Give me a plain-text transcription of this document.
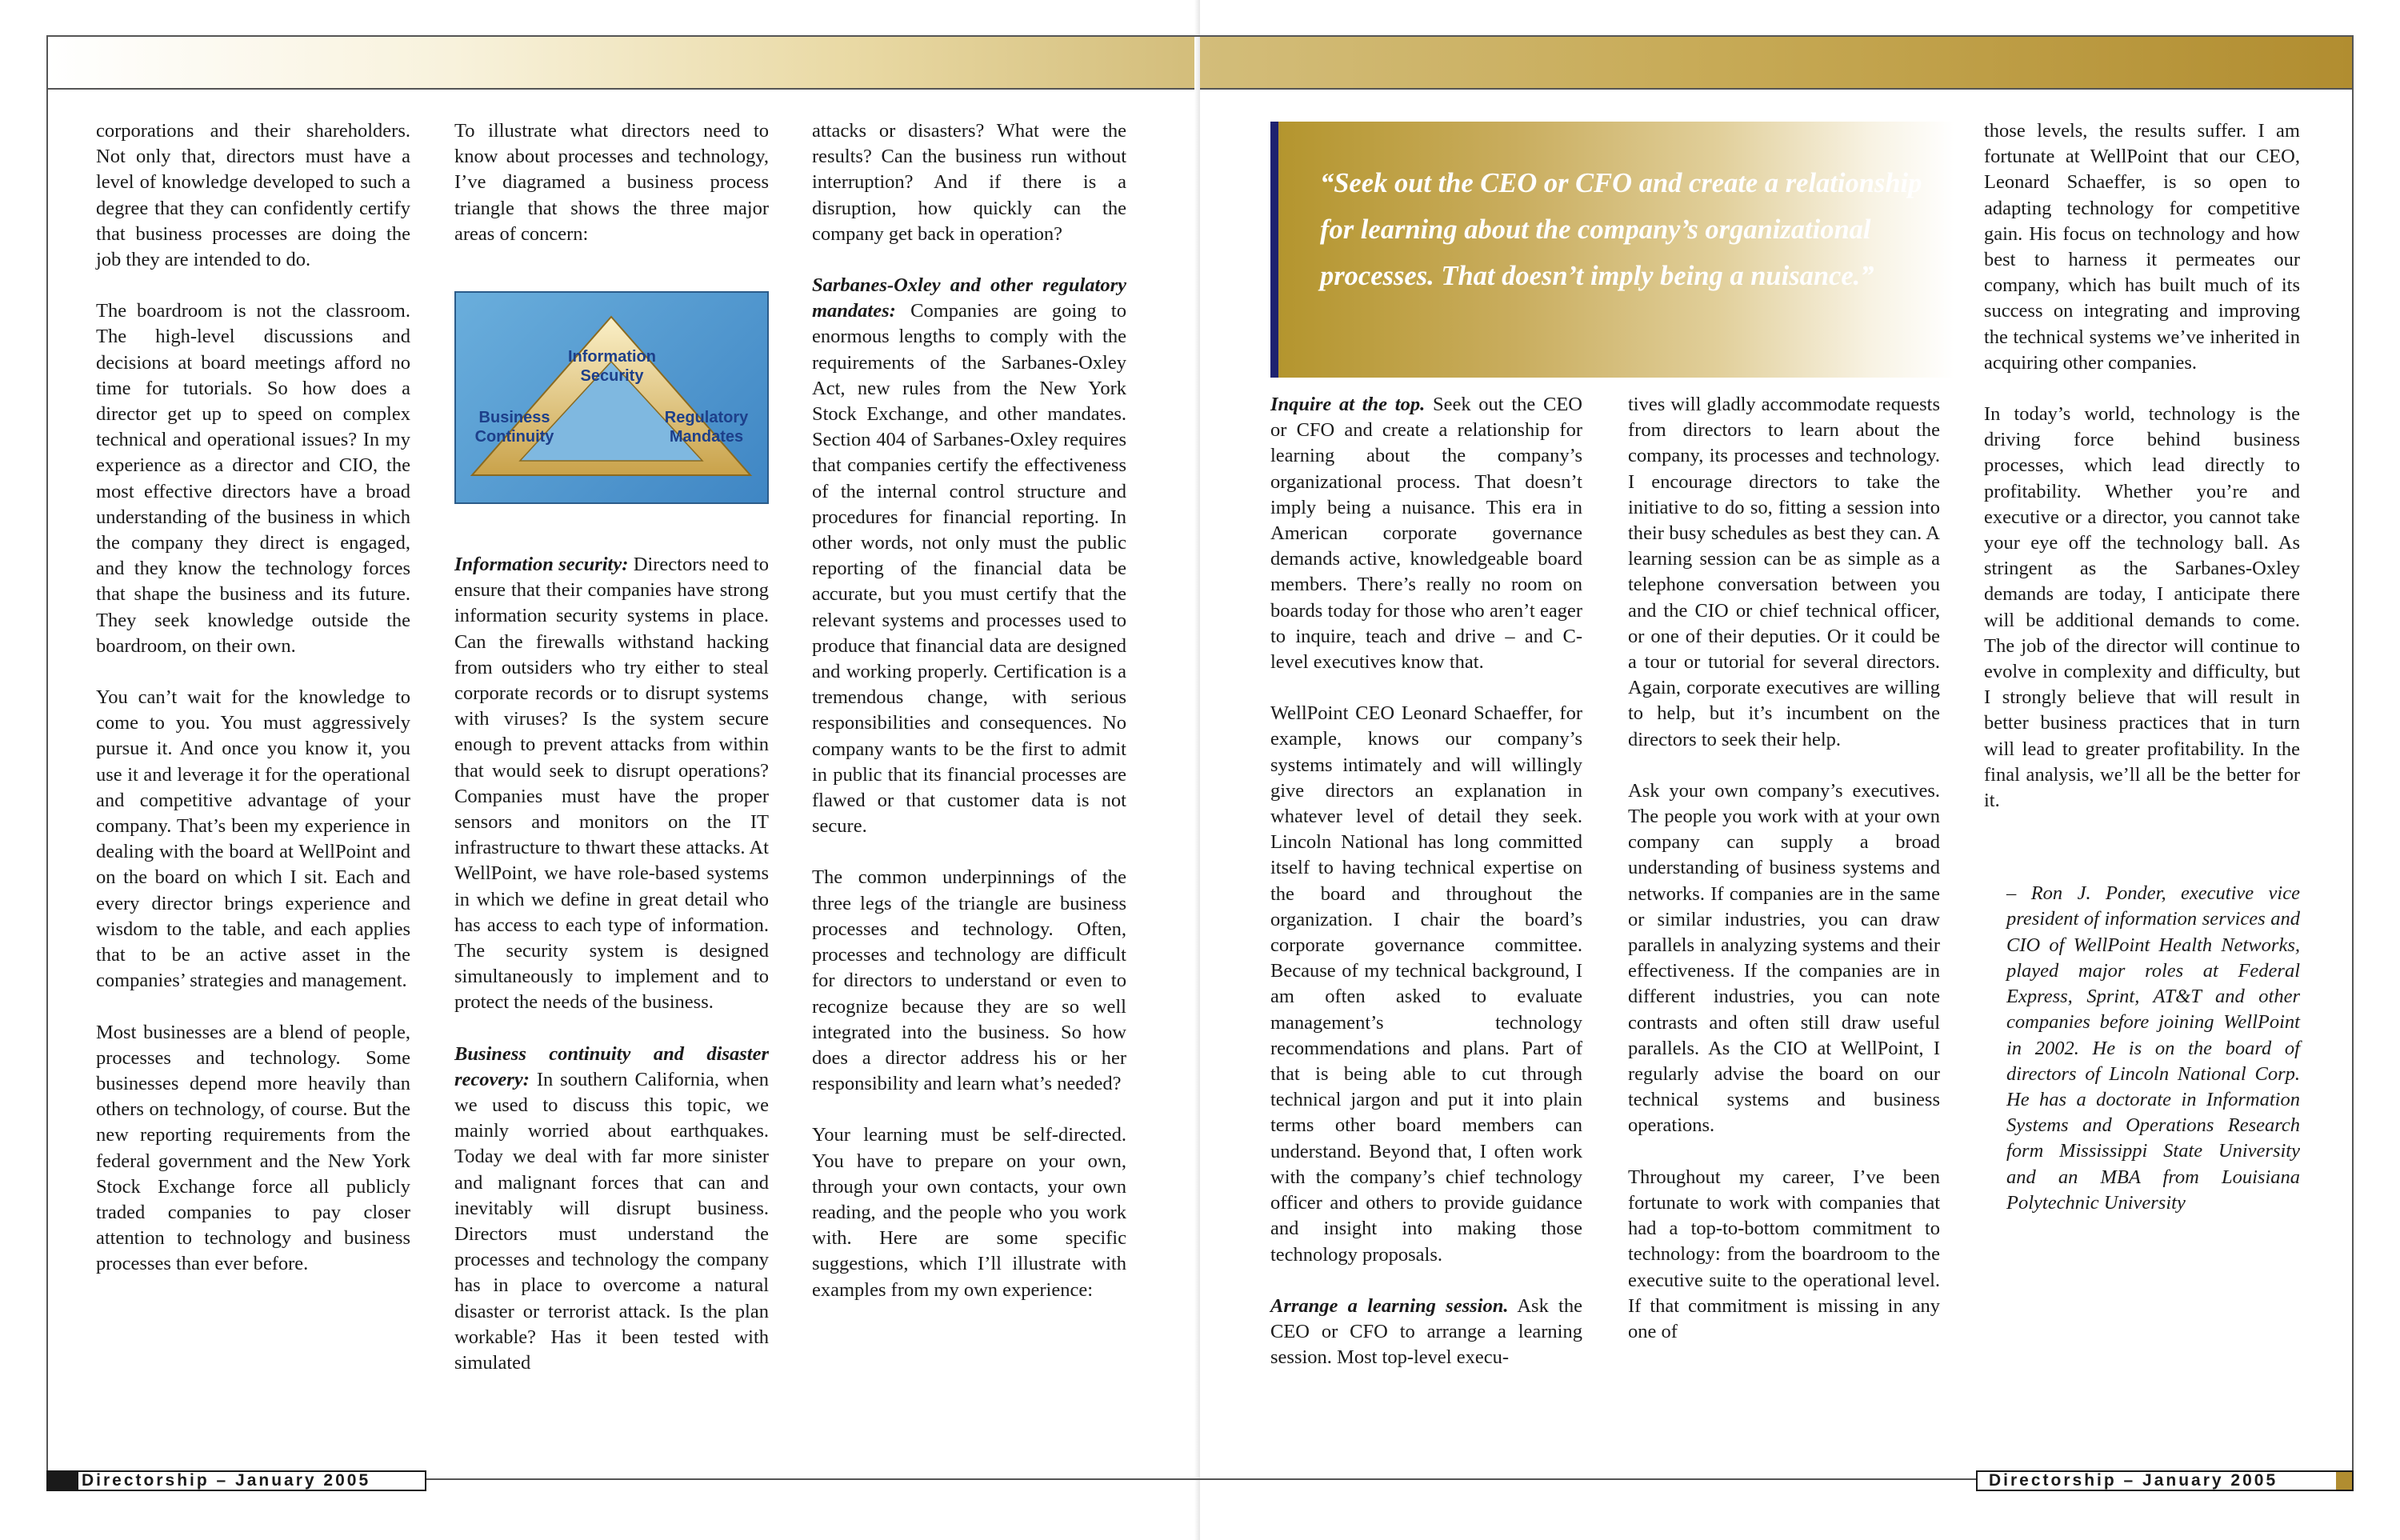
corporations and their shareholders. Not only that, directors must have a level of knowledge developed to such a degree that they can confidently certify that business processes are doing the job they are intended to do.

The boardroom is not the classroom. The high-level discussions and decisions at board meetings afford no time for tutorials. So how does a director get up to speed on complex technical and operational issues? In my experience as a director and CIO, the most effective directors have a broad understanding of the business in which the company they direct is engaged, and they know the technology forces that shape the business and its future. They seek knowledge outside the boardroom, on their own.

You can’t wait for the knowledge to come to you. You must aggressively pursue it. And once you know it, you use it and leverage it for the operational and competitive advantage of your company. That’s been my experience in dealing with the board at WellPoint and on the board on which I sit. Each and every director brings experience and wisdom to the table, and each applies that to be an active asset in the companies’ strategies and management.

Most businesses are a blend of people, processes and technology. Some businesses depend more heavily than others on technology, of course. But the new reporting requirements from the federal government and the New York Stock Exchange force all publicly traded companies to pay closer attention to technology and business processes than ever before.

To illustrate what directors need to know about processes and technology, I’ve diagramed a business process triangle that shows the three major areas of concern:

Information Security
Business Continuity
Regulatory Mandates

Information security: Directors need to ensure that their companies have strong information security systems in place. Can the firewalls withstand hacking from outsiders who try either to steal corporate records or to disrupt systems with viruses? Is the system secure enough to prevent attacks from within that would seek to disrupt operations? Companies must have the proper sensors and monitors on the IT infrastructure to thwart these attacks. At WellPoint, we have role-based systems in which we define in great detail who has access to each type of information. The security system is designed simultaneously to implement and to protect the needs of the business.

Business continuity and disaster recovery: In southern California, when we used to discuss this topic, we mainly worried about earthquakes. Today we deal with far more sinister and malignant forces that can and inevitably will disrupt business. Directors must understand the processes and technology the company has in place to overcome a natural disaster or terrorist attack. Is the plan workable? Has it been tested with simulated

attacks or disasters? What were the results? Can the business run without interruption? And if there is a disruption, how quickly can the company get back in operation?

Sarbanes-Oxley and other regulatory mandates: Companies are going to enormous lengths to comply with the requirements of the Sarbanes-Oxley Act, new rules from the New York Stock Exchange, and other mandates. Section 404 of Sarbanes-Oxley requires that companies certify the effectiveness of the internal control structure and procedures for financial reporting. In other words, not only must the public reporting of the financial data be accurate, but you must certify that the relevant systems and processes used to produce that financial data are designed and working properly. Certification is a tremendous change, with serious responsibilities and consequences. No company wants to be the first to admit in public that its financial processes are flawed or that customer data is not secure.

The common underpinnings of the three legs of the triangle are business processes and technology. Often, processes and technology are difficult for directors to understand or even to recognize because they are so well integrated into the business. So how does a director address his or her responsibility and learn what’s needed?

Your learning must be self-directed. You have to prepare on your own, through your own contacts, your own reading, and the people who you work with. Here are some specific suggestions, which I’ll illustrate with examples from my own experience:

Directorship – January 2005

“Seek out the CEO or CFO and create a relationship for learning about the company’s organizational processes. That doesn’t imply being a nuisance.”

Inquire at the top. Seek out the CEO or CFO and create a relationship for learning about the company’s organizational process. That doesn’t imply being a nuisance. This era in American corporate governance demands active, knowledgeable board members. There’s really no room on boards today for those who aren’t eager to inquire, teach and drive – and C-level executives know that.

WellPoint CEO Leonard Schaeffer, for example, knows our company’s systems intimately and will willingly give directors an explanation in whatever level of detail they seek. Lincoln National has long committed itself to having technical expertise on the board and throughout the organization. I chair the board’s corporate governance committee. Because of my technical background, I am often asked to evaluate management’s technology recommendations and plans. Part of that is being able to cut through technical jargon and put it into plain terms other board members can understand. Beyond that, I often work with the company’s chief technology officer and others to provide guidance and insight into making those technology proposals.

Arrange a learning session. Ask the CEO or CFO to arrange a learning session. Most top-level execu-

tives will gladly accommodate requests from directors to learn about the company, its processes and technology. I encourage directors to take the initiative to do so, fitting a session into their busy schedules as best they can. A learning session can be as simple as a telephone conversation between you and the CIO or chief technical officer, or one of their deputies. Or it could be a tour or tutorial for several directors. Again, corporate executives are willing to help, but it’s incumbent on the directors to seek their help.

Ask your own company’s executives. The people you work with at your own company can supply a broad understanding of business systems and networks. If companies are in the same or similar industries, you can draw parallels in analyzing systems and their effectiveness. If the companies are in different industries, you can note contrasts and often still draw useful parallels. As the CIO at WellPoint, I regularly advise the board on our technical systems and business operations.

Throughout my career, I’ve been fortunate to work with companies that had a top-to-bottom commitment to technology: from the boardroom to the executive suite to the operational level. If that commitment is missing in any one of

those levels, the results suffer. I am fortunate at WellPoint that our CEO, Leonard Schaeffer, is so open to adapting technology for competitive gain. His focus on technology and how best to harness it permeates our company, which has built much of its success on integrating and improving the technical systems we’ve inherited in acquiring other companies.

In today’s world, technology is the driving force behind business processes, which lead directly to profitability. Whether you’re and executive or a director, you cannot take your eye off the technology ball. As stringent as the Sarbanes-Oxley demands are today, I anticipate there will be additional demands to come. The job of the director will continue to evolve in complexity and difficulty, but I strongly believe that will result in better business practices that in turn will lead to greater profitability. In the final analysis, we’ll all be the better for it.

– Ron J. Ponder, executive vice president of information services and CIO of WellPoint Health Networks, played major roles at Federal Express, Sprint, AT&T and other companies before joining WellPoint in 2002. He is on the board of directors of Lincoln National Corp. He has a doctorate in Information Systems and Operations Research form Mississippi State University and an MBA from Louisiana Polytechnic University

Directorship – January 2005
